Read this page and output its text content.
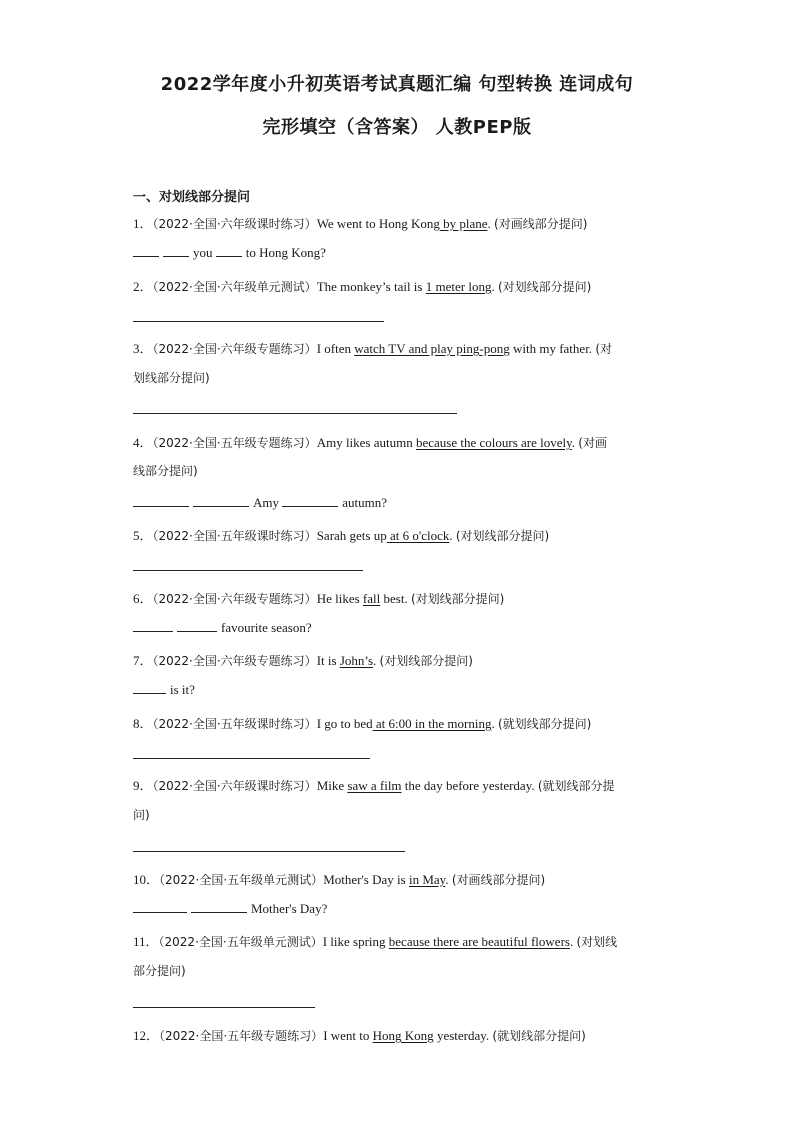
2022学年度小升初英语考试真题汇编 句型转换 连词成句
完形填空（含答案） 人教PEP版
一、对划线部分提问
1．（2022·全国·六年级课时练习）We went to Hong Kong by plane. (对画线部分提问)
you	to Hong Kong?
2．（2022·全国·六年级单元测试）The monkey’s tail is 1 meter long. (对划线部分提问)
3．（2022·全国·六年级专题练习）I often watch TV and play ping-pong with my father. (对
划线部分提问)
4．（2022·全国·五年级专题练习）Amy likes autumn because the colours are lovely. (对画
线部分提问)
Amy	autumn?
5．（2022·全国·五年级课时练习）Sarah gets up at 6 o'clock. (对划线部分提问)
6．（2022·全国·六年级专题练习）He likes fall best. (对划线部分提问)
favourite season?
7．（2022·全国·六年级专题练习）It is John’s. (对划线部分提问)
is it?
8．（2022·全国·五年级课时练习）I go to bed at 6:00 in the morning. (就划线部分提问)
9．（2022·全国·六年级课时练习）Mike saw a film the day before yesterday. (就划线部分提
问)
10．（2022·全国·五年级单元测试）Mother's Day is in May. (对画线部分提问)
Mother's Day?
11．（2022·全国·五年级单元测试）I like spring because there are beautiful flowers. (对划线
部分提问)
12．（2022·全国·五年级专题练习）I went to Hong Kong yesterday. (就划线部分提问)
